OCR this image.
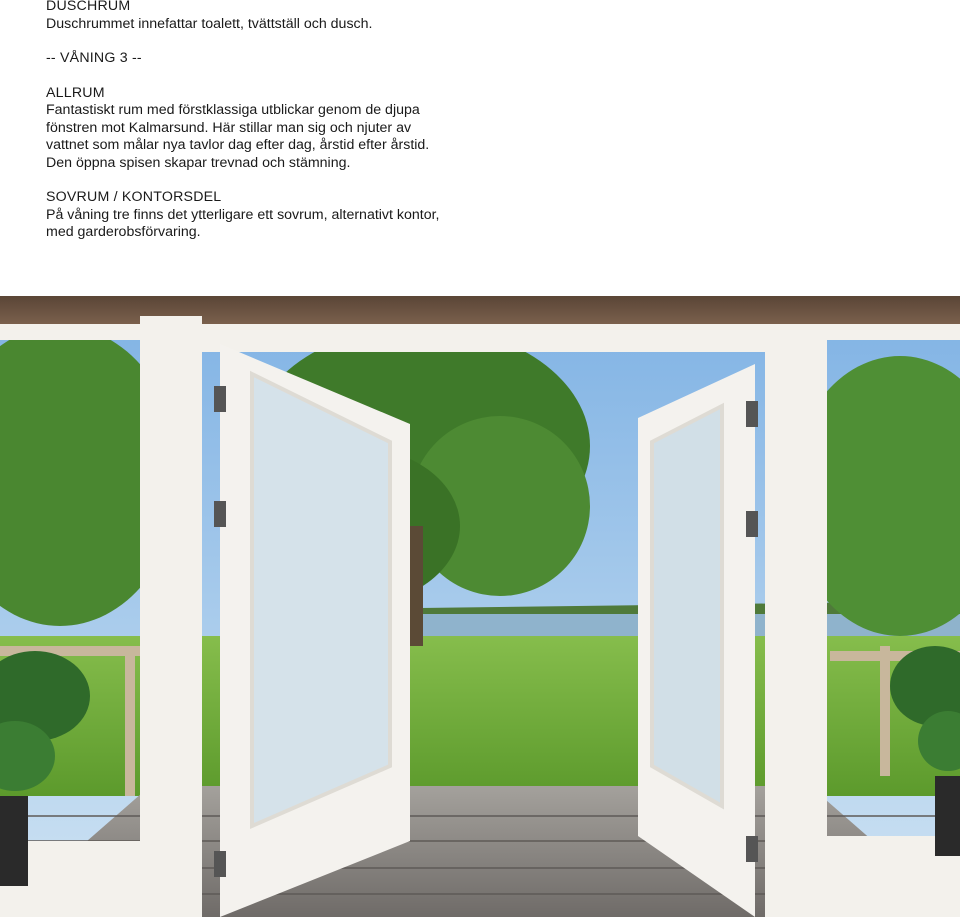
DUSCHRUM
Duschrummet innefattar toalett, tvättställ och dusch.
-- VÅNING 3 --
ALLRUM
Fantastiskt rum med förstklassiga utblickar genom de djupa
fönstren mot Kalmarsund. Här stillar man sig och njuter av
vattnet som målar nya tavlor dag efter dag, årstid efter årstid.
Den öppna spisen skapar trevnad och stämning.
SOVRUM / KONTORSDEL
På våning tre finns det ytterligare ett sovrum, alternativt kontor,
med garderobsförvaring.
